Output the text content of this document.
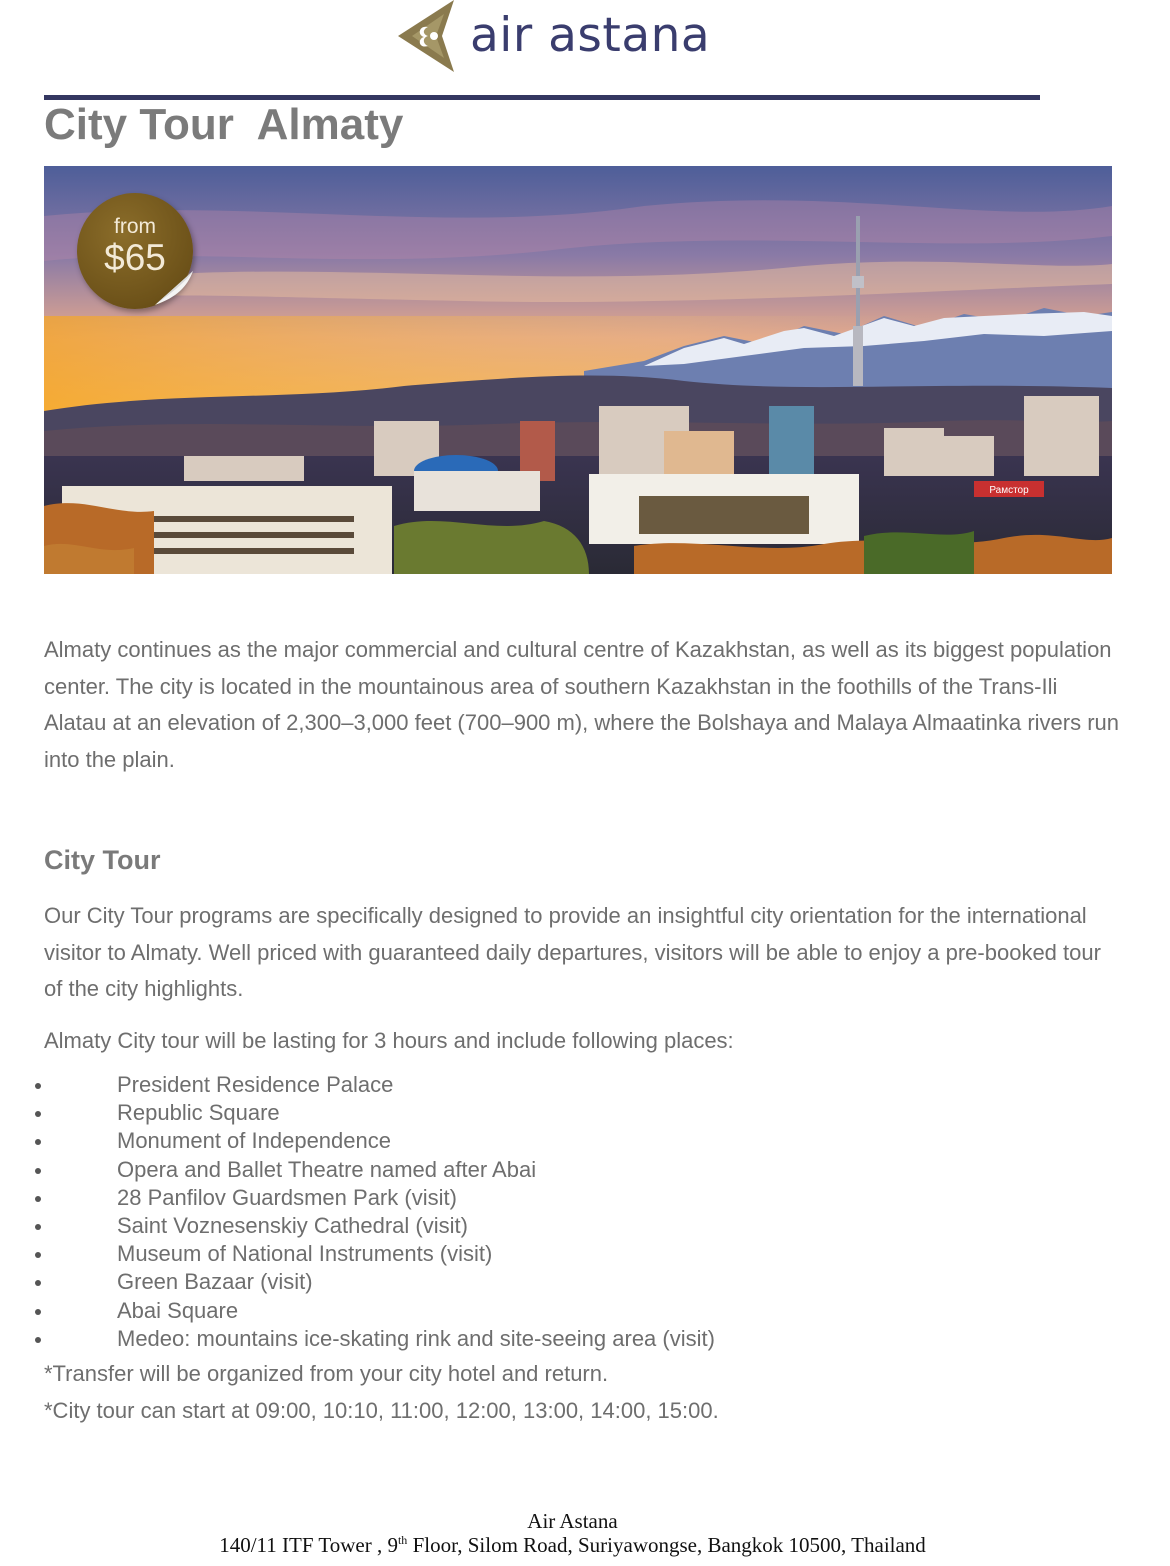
air astana
City Tour  Almaty
Рамстор
from
$65

Almaty continues as the major commercial and cultural centre of Kazakhstan, as well as its biggest population center. The city is located in the mountainous area of southern Kazakhstan in the foothills of the Trans-Ili Alatau at an elevation of 2,300–3,000 feet (700–900 m), where the Bolshaya and Malaya Almaatinka rivers run into the plain.

City Tour

Our City Tour programs are specifically designed to provide an insightful city orientation for the international visitor to Almaty. Well priced with guaranteed daily departures, visitors will be able to enjoy a pre-booked tour of the city highlights.

Almaty City tour will be lasting for 3 hours and include following places:

President Residence Palace
Republic Square
Monument of Independence
Opera and Ballet Theatre named after Abai
28 Panfilov Guardsmen Park (visit)
Saint Voznesenskiy Cathedral (visit)
Museum of National Instruments (visit)
Green Bazaar (visit)
Abai Square
Medeo: mountains ice-skating rink and site-seeing area (visit)

*Transfer will be organized from your city hotel and return.

*City tour can start at 09:00, 10:10, 11:00, 12:00, 13:00, 14:00, 15:00.

Air Astana
140/11 ITF Tower , 9th Floor, Silom Road, Suriyawongse, Bangkok 10500, Thailand
